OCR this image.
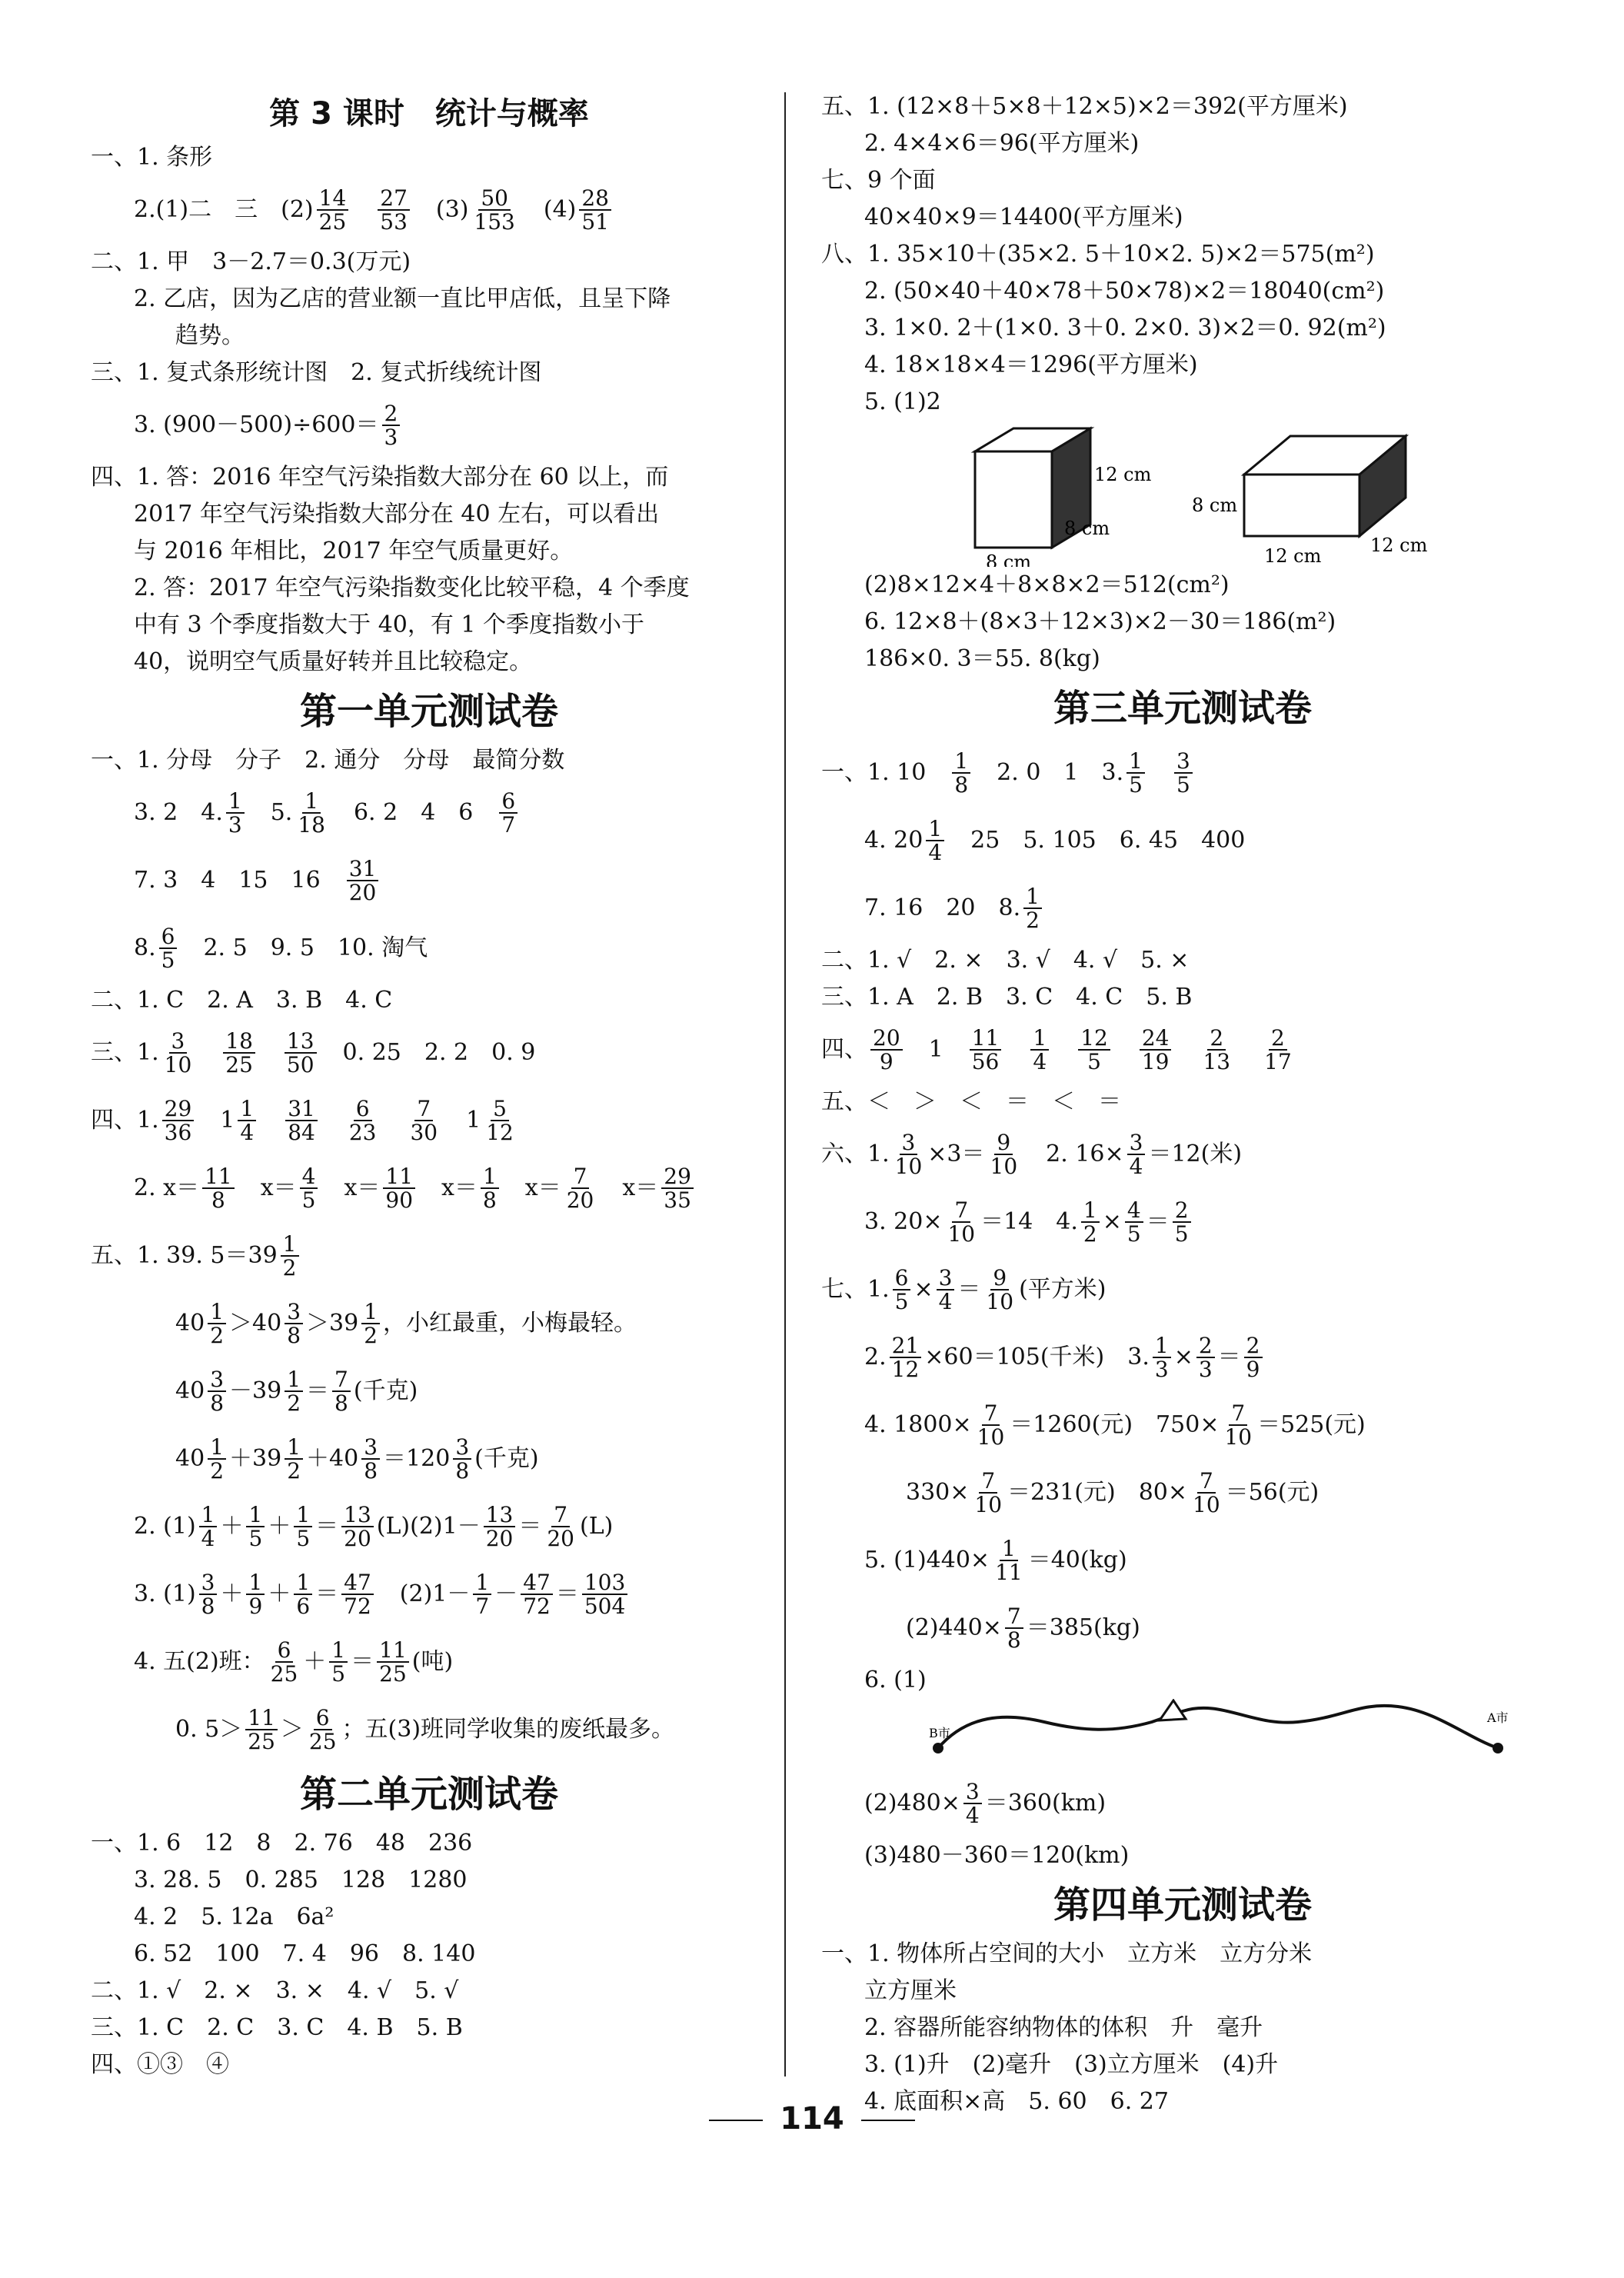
第 3 课时　统计与概率
一、1. 条形
2.(1)二　三　$(2) \frac{14}{25}$
　 $\frac{27}{53}$ 　$(3) \frac{50}{153}$ 　$(4) \frac{28}{51}$
二、1. 甲　3－2.7＝0.3(万元)
2. 乙店，因为乙店的营业额一直比甲店低，且呈下降
趋势。
三、1. 复式条形统计图　2. 复式折线统计图
3. $(900-500)\div 600= \frac{2}{3}$
四、1. 答：2016 年空气污染指数大部分在 60 以上，而
2017 年空气污染指数大部分在 40 左右，可以看出
与 2016 年相比，2017 年空气质量更好。
2. 答：2017 年空气污染指数变化比较平稳，4 个季度
中有 3 个季度指数大于 40，有 1 个季度指数小于
40，说明空气质量好转并且比较稳定。
第一单元测试卷
一、1. 分母　分子　2. 通分　分母　最简分数
3. 2　4. $\frac{1}{3}$ 　5. $\frac{1}{18}$ 　6. 2　4　6　 $\frac{6}{7}$
7. 3　4　15　16　 $\frac{31}{20}$
8. $\frac{6}{5}$ 　2. 5　9. 5　10. 淘气
二、1. C　2. A　3. B　4. C
三、1. $\frac{3}{10}$
　 $\frac{18}{25}$
　 $\frac{13}{50}$ 　0. 25　2. 2　0. 9
四、1. $\frac{29}{36}$ 　$1 \frac{1}{4}$
　 $\frac{31}{84}$
　 $\frac{6}{23}$
　 $\frac{7}{30}$ 　$1 \frac{5}{12}$
2. $x= \frac{11}{8}$ 　$x= \frac{4}{5}$ 　$x= \frac{11}{90}$ 　$x= \frac{1}{8}$ 　$x= \frac{7}{20}$ 　$x= \frac{29}{35}$
五、1. 39. $5=39 \frac{1}{2}$
$40 \frac{1}{2} >40 \frac{3}{8} >39 \frac{1}{2}$ ，小红最重，小梅最轻。
$40 \frac{3}{8} -39 \frac{1}{2} = \frac{7}{8}$ (千克)
$40 \frac{1}{2} +39 \frac{1}{2} +40 \frac{3}{8} =120 \frac{3}{8}$ (千克)
2. $(1) \frac{1}{4} + \frac{1}{5} + \frac{1}{5} = \frac{13}{20} (L)(2)1- \frac{13}{20} = \frac{7}{20} (L)$
3. $(1) \frac{3}{8} + \frac{1}{9} + \frac{1}{6} = \frac{47}{72}$ 　$(2)1- \frac{1}{7} - \frac{47}{72} = \frac{103}{504}$
4. 五(2)班： $\frac{6}{25} + \frac{1}{5} = \frac{11}{25}$ (吨)
0. $5> \frac{11}{25} > \frac{6}{25}$ ；五(3)班同学收集的废纸最多。
第二单元测试卷
一、1. 6　12　8　2. 76　48　236
3. 28. 5　0. 285　128　1280
4. 2　5. 12a　6a²
6. 52　100　7. 4　96　8. 140
二、1. √　2. ×　3. ×　4. √　5. √
三、1. C　2. C　3. C　4. B　5. B
四、①③　④
五、1. (12×8＋5×8＋12×5)×2＝392(平方厘米)
2. 4×4×6＝96(平方厘米)
七、9 个面
40×40×9＝14400(平方厘米)
八、1. 35×10＋(35×2. 5＋10×2. 5)×2＝575(m²)
2. (50×40＋40×78＋50×78)×2＝18040(cm²)
3. 1×0. 2＋(1×0. 3＋0. 2×0. 3)×2＝0. 92(m²)
4. 18×18×4＝1296(平方厘米)
5. (1)2
12 cm
8 cm
8 cm
8 cm
12 cm	12 cm
(2)8×12×4＋8×8×2＝512(cm²)
6. 12×8＋(8×3＋12×3)×2－30＝186(m²)
186×0. 3＝55. 8(kg)
第三单元测试卷
一、1. 10　 $\frac{1}{8}$ 　2. 0　1　3. $\frac{1}{5}$
　 $\frac{3}{5}$
4. $20 \frac{1}{4}$ 　25　5. 105　6. 45　400
7. 16　20　8. $\frac{1}{2}$
二、1. √　2. ×　3. √　4. √　5. ×
三、1. A　2. B　3. C　4. C　5. B
四、 $\frac{20}{9}$ 　1　 $\frac{11}{56}$
　 $\frac{1}{4}$
　 $\frac{12}{5}$
　 $\frac{24}{19}$
　 $\frac{2}{13}$
　 $\frac{2}{17}$
五、＜　＞　＜　＝　＜　＝
六、1. $\frac{3}{10} \times 3= \frac{9}{10}$ 　2. $16\times \frac{3}{4} =12$(米)
3. $20\times \frac{7}{10} =14$　4. $\frac{1}{2} \times \frac{4}{5} = \frac{2}{5}$
七、1. $\frac{6}{5} \times \frac{3}{4} = \frac{9}{10}$ (平方米)
2. $\frac{21}{12} \times 60=105$(千米)　3. $\frac{1}{3} \times \frac{2}{3} = \frac{2}{9}$
4. $1800\times \frac{7}{10} =1260$(元)　$750\times \frac{7}{10} =525$(元)
$330\times \frac{7}{10} =231$(元)　$80\times \frac{7}{10} =56$(元)
5. $(1)440\times \frac{1}{11} =40(kg)$
$(2)440\times \frac{7}{8} =385(kg)$
6. (1)
B市
A市
$(2)480\times \frac{3}{4} =360(km)$
(3)480－360＝120(km)
第四单元测试卷
一、1. 物体所占空间的大小　立方米　立方分米
立方厘米
2. 容器所能容纳物体的体积　升　毫升
3. (1)升　(2)毫升　(3)立方厘米　(4)升
4. 底面积×高　5. 60　6. 27
114
